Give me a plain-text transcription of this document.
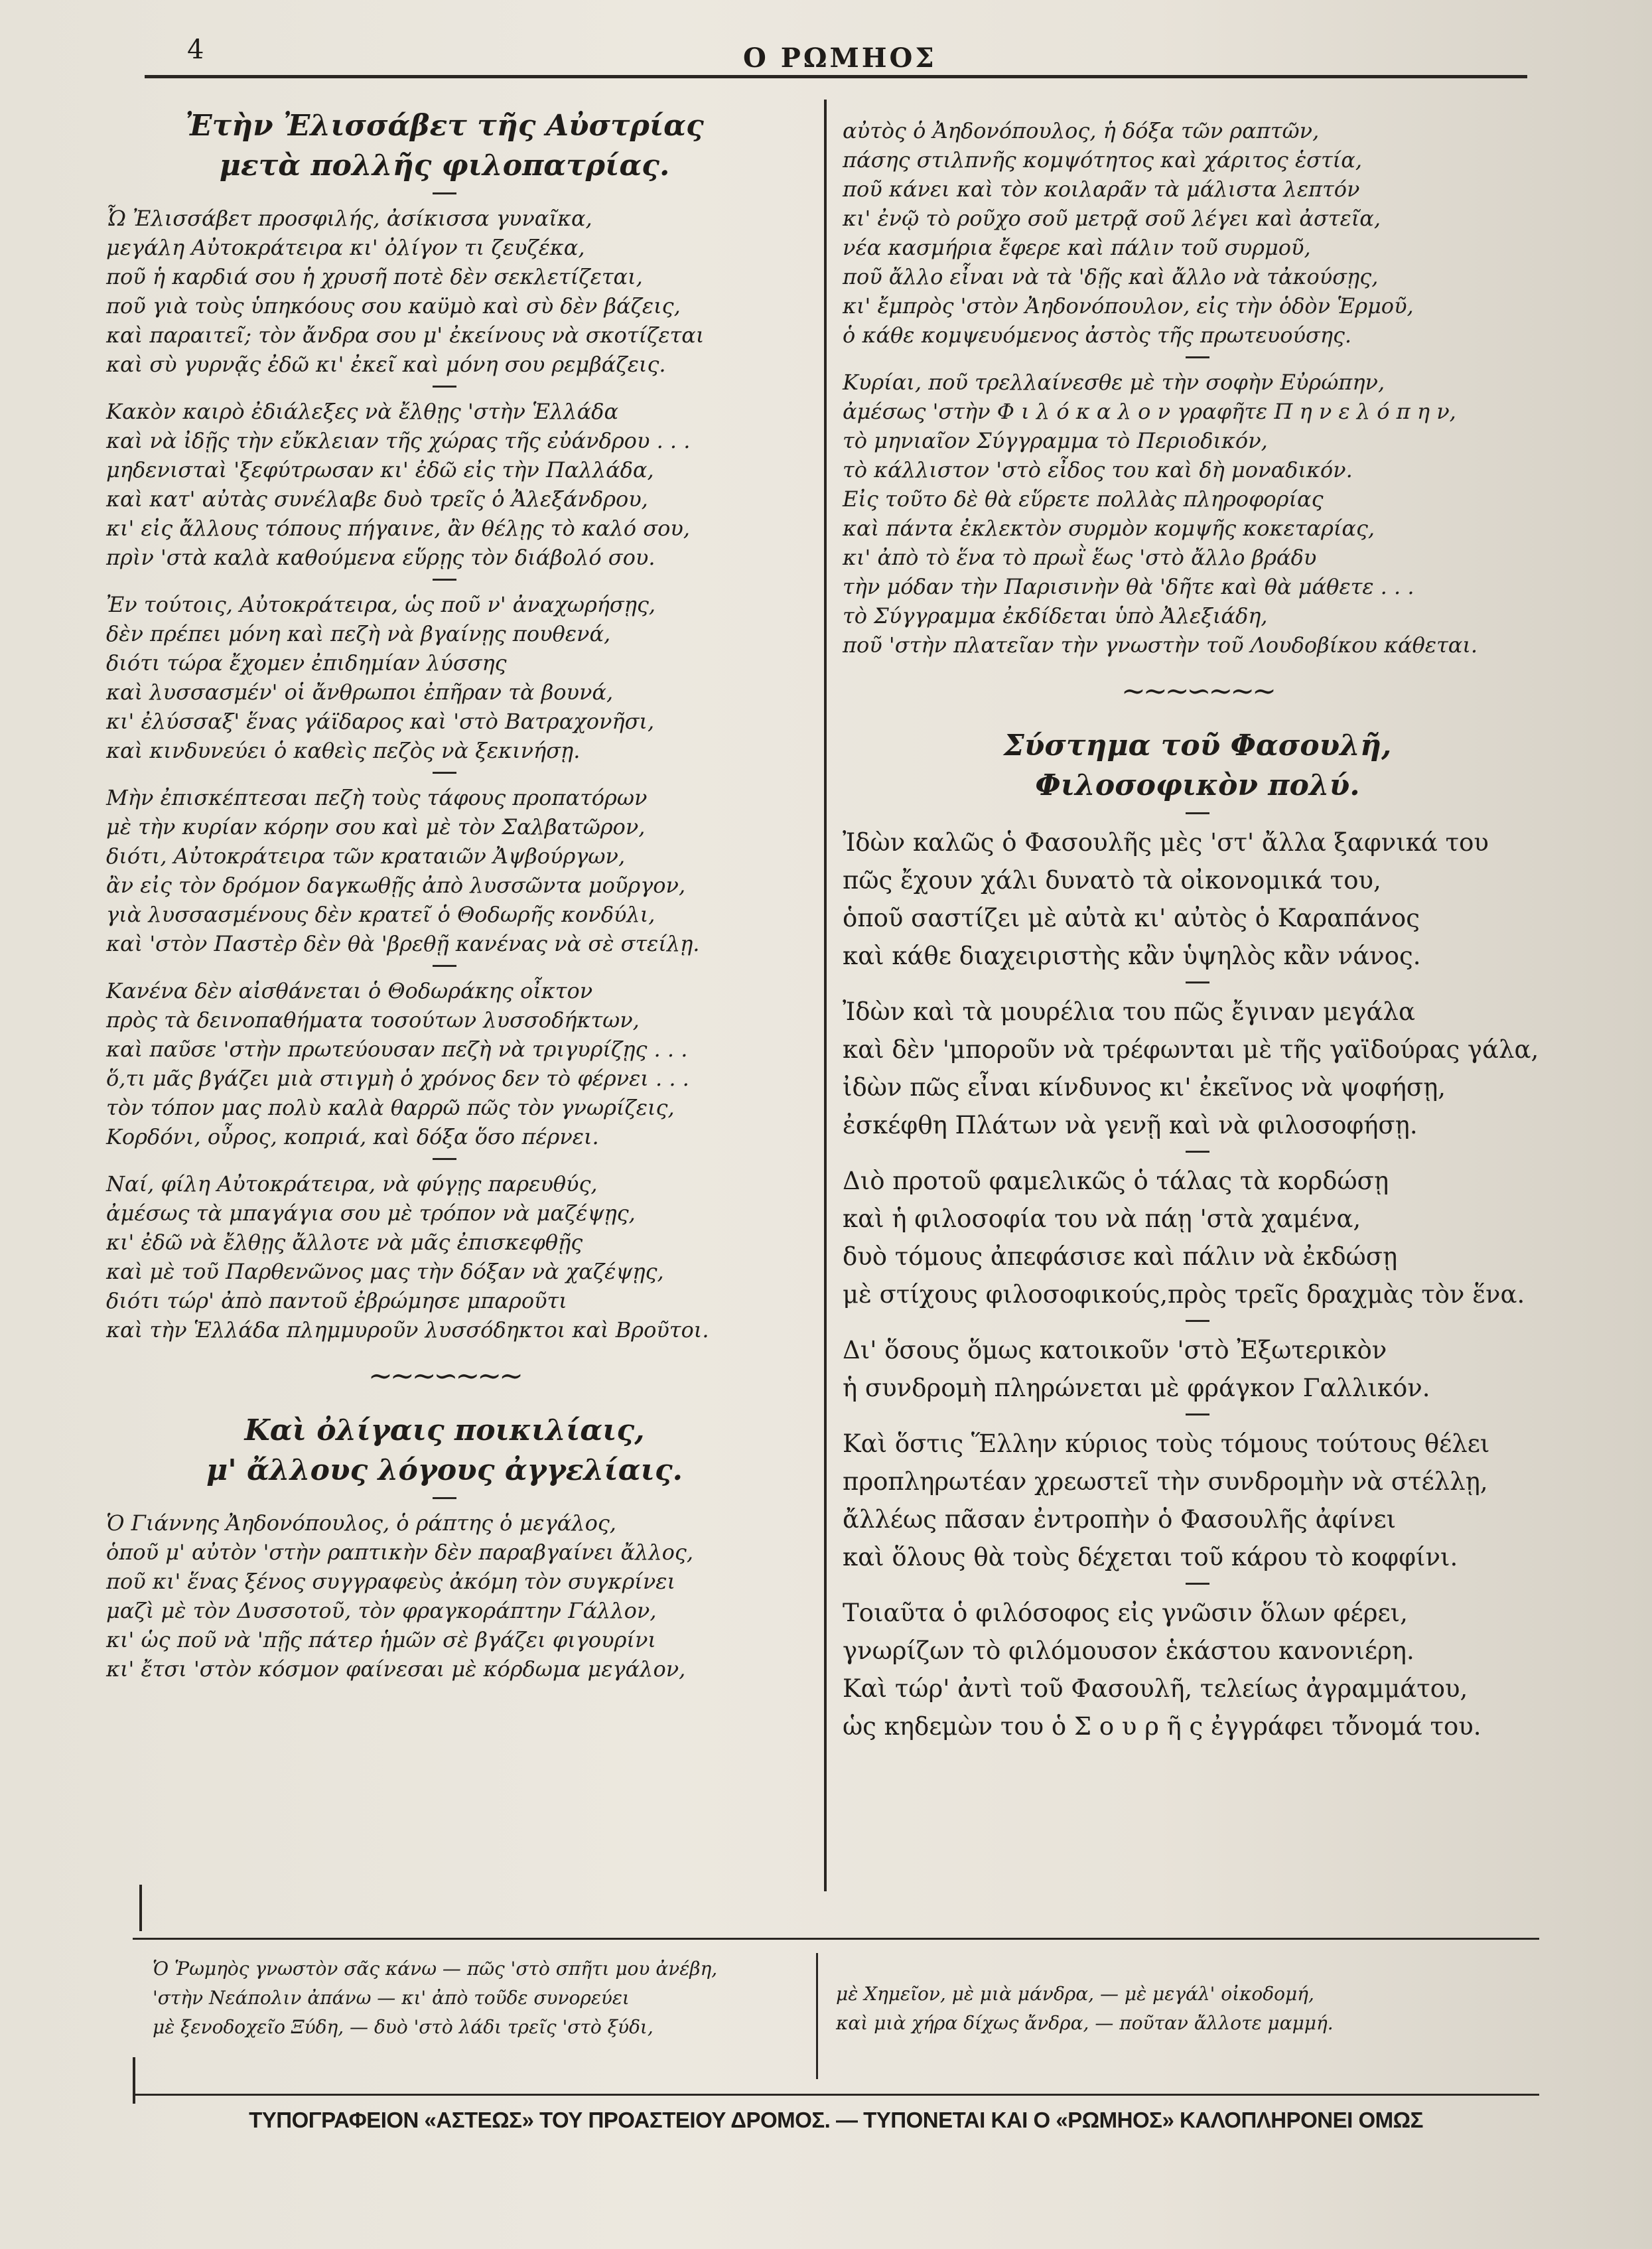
4	Ο ΡΩΜΗΟΣ
Ἐτὴν Ἐλισσάβετ τῆς Αὐστρίας
μετὰ πολλῆς φιλοπατρίας.
Ὦ Ἐλισσάβετ προσφιλής, ἀσίκισσα γυναῖκα,
μεγάλη Αὐτοκράτειρα κι' ὀλίγον τι ζευζέκα,
ποῦ ἡ καρδιά σου ἡ χρυσῆ ποτὲ δὲν σεκλετίζεται,
ποῦ γιὰ τοὺς ὑπηκόους σου καϋμὸ καὶ σὺ δὲν βάζεις,
καὶ παραιτεῖ; τὸν ἄνδρα σου μ' ἐκείνους νὰ σκοτίζεται
καὶ σὺ γυρνᾷς ἐδῶ κι' ἐκεῖ καὶ μόνη σου ρεμβάζεις.
Κακὸν καιρὸ ἐδιάλεξες νὰ ἔλθῃς 'στὴν Ἑλλάδα
καὶ νὰ ἰδῇς τὴν εὔκλειαν τῆς χώρας τῆς εὐάνδρου . . .
μηδενισταὶ 'ξεφύτρωσαν κι' ἐδῶ εἰς τὴν Παλλάδα,
καὶ κατ' αὐτὰς συνέλαβε δυὸ τρεῖς ὁ Ἀλεξάνδρου,
κι' εἰς ἄλλους τόπους πήγαινε, ἂν θέλῃς τὸ καλό σου,
πρὶν 'στὰ καλὰ καθούμενα εὕρῃς τὸν διάβολό σου.
Ἐν τούτοις, Αὐτοκράτειρα, ὡς ποῦ ν' ἀναχωρήσῃς,
δὲν πρέπει μόνη καὶ πεζὴ νὰ βγαίνῃς πουθενά,
διότι τώρα ἔχομεν ἐπιδημίαν λύσσης
καὶ λυσσασμέν' οἱ ἄνθρωποι ἐπῆραν τὰ βουνά,
κι' ἐλύσσαξ' ἕνας γάϊδαρος καὶ 'στὸ Βατραχονῆσι,
καὶ κινδυνεύει ὁ καθεὶς πεζὸς νὰ ξεκινήσῃ.
Μὴν ἐπισκέπτεσαι πεζὴ τοὺς τάφους προπατόρων
μὲ τὴν κυρίαν κόρην σου καὶ μὲ τὸν Σαλβατῶρον,
διότι, Αὐτοκράτειρα τῶν κραταιῶν Ἀψβούργων,
ἂν εἰς τὸν δρόμον δαγκωθῇς ἀπὸ λυσσῶντα μοῦργον,
γιὰ λυσσασμένους δὲν κρατεῖ ὁ Θοδωρῆς κονδύλι,
καὶ 'στὸν Παστὲρ δὲν θὰ 'βρεθῇ κανένας νὰ σὲ στείλῃ.
Κανένα δὲν αἰσθάνεται ὁ Θοδωράκης οἶκτον
πρὸς τὰ δεινοπαθήματα τοσούτων λυσσοδήκτων,
καὶ παῦσε 'στὴν πρωτεύουσαν πεζὴ νὰ τριγυρίζῃς . . .
ὅ,τι μᾶς βγάζει μιὰ στιγμὴ ὁ χρόνος δεν τὸ φέρνει . . .
τὸν τόπον μας πολὺ καλὰ θαρρῶ πῶς τὸν γνωρίζεις,
Κορδόνι, οὖρος, κοπριά, καὶ δόξα ὅσο πέρνει.
Ναί, φίλη Αὐτοκράτειρα, νὰ φύγῃς παρευθύς,
ἀμέσως τὰ μπαγάγια σου μὲ τρόπον νὰ μαζέψῃς,
κι' ἐδῶ νὰ ἔλθῃς ἄλλοτε νὰ μᾶς ἐπισκεφθῇς
καὶ μὲ τοῦ Παρθενῶνος μας τὴν δόξαν νὰ χαζέψῃς,
διότι τώρ' ἀπὸ παντοῦ ἐβρώμησε μπαροῦτι
καὶ τὴν Ἑλλάδα πλημμυροῦν λυσσόδηκτοι καὶ Βροῦτοι.
~~~∽~~~
Καὶ ὀλίγαις ποικιλίαις,
μ' ἄλλους λόγους ἀγγελίαις.
Ὁ Γιάννης Ἀηδονόπουλος, ὁ ράπτης ὁ μεγάλος,
ὁποῦ μ' αὐτὸν 'στὴν ραπτικὴν δὲν παραβγαίνει ἄλλος,
ποῦ κι' ἕνας ξένος συγγραφεὺς ἀκόμη τὸν συγκρίνει
μαζὶ μὲ τὸν Δυσσοτοῦ, τὸν φραγκοράπτην Γάλλον,
κι' ὡς ποῦ νὰ 'πῇς πάτερ ἡμῶν σὲ βγάζει φιγουρίνι
κι' ἔτσι 'στὸν κόσμον φαίνεσαι μὲ κόρδωμα μεγάλον,
αὐτὸς ὁ Ἀηδονόπουλος, ἡ δόξα τῶν ραπτῶν,
πάσης στιλπνῆς κομψότητος καὶ χάριτος ἑστία,
ποῦ κάνει καὶ τὸν κοιλαρᾶν τὰ μάλιστα λεπτόν
κι' ἐνῷ τὸ ροῦχο σοῦ μετρᾷ σοῦ λέγει καὶ ἀστεῖα,
νέα κασμήρια ἔφερε καὶ πάλιν τοῦ συρμοῦ,
ποῦ ἄλλο εἶναι νὰ τὰ 'δῇς καὶ ἄλλο νὰ τἀκούσῃς,
κι' ἔμπρὸς 'στὸν Ἀηδονόπουλον, εἰς τὴν ὁδὸν Ἑρμοῦ,
ὁ κάθε κομψευόμενος ἀστὸς τῆς πρωτευούσης.
Κυρίαι, ποῦ τρελλαίνεσθε μὲ τὴν σοφὴν Εὐρώπην,
ἀμέσως 'στὴν Φ ι λ ό κ α λ ο ν γραφῆτε Π η ν ε λ ό π η ν,
τὸ μηνιαῖον Σύγγραμμα τὸ Περιοδικόν,
τὸ κάλλιστον 'στὸ εἶδος του καὶ δὴ μοναδικόν.
Εἰς τοῦτο δὲ θὰ εὕρετε πολλὰς πληροφορίας
καὶ πάντα ἐκλεκτὸν συρμὸν κομψῆς κοκεταρίας,
κι' ἀπὸ τὸ ἕνα τὸ πρωῒ ἕως 'στὸ ἄλλο βράδυ
τὴν μόδαν τὴν Παρισινὴν θὰ 'δῆτε καὶ θὰ μάθετε . . .
τὸ Σύγγραμμα ἐκδίδεται ὑπὸ Ἀλεξιάδη,
ποῦ 'στὴν πλατεῖαν τὴν γνωστὴν τοῦ Λουδοβίκου κάθεται.
~~~∽~~~
Σύστημα τοῦ Φασουλῆ,
Φιλοσοφικὸν πολύ.
Ἰδὼν καλῶς ὁ Φασουλῆς μὲς 'στ' ἄλλα ξαφνικά του
πῶς ἔχουν χάλι δυνατὸ τὰ οἰκονομικά του,
ὁποῦ σαστίζει μὲ αὐτὰ κι' αὐτὸς ὁ Καραπάνος
καὶ κάθε διαχειριστὴς κἂν ὑψηλὸς κἂν νάνος.
Ἰδὼν καὶ τὰ μουρέλια του πῶς ἔγιναν μεγάλα
καὶ δὲν 'μποροῦν νὰ τρέφωνται μὲ τῆς γαϊδούρας γάλα,
ἰδὼν πῶς εἶναι κίνδυνος κι' ἐκεῖνος νὰ ψοφήσῃ,
ἐσκέφθη Πλάτων νὰ γενῇ καὶ νὰ φιλοσοφήσῃ.
Διὸ προτοῦ φαμελικῶς ὁ τάλας τὰ κορδώσῃ
καὶ ἡ φιλοσοφία του νὰ πάῃ 'στὰ χαμένα,
δυὸ τόμους ἀπεφάσισε καὶ πάλιν νὰ ἐκδώσῃ
μὲ στίχους φιλοσοφικούς,πρὸς τρεῖς δραχμὰς τὸν ἕνα.
Δι' ὅσους ὅμως κατοικοῦν 'στὸ Ἐξωτερικὸν
ἡ συνδρομὴ πληρώνεται μὲ φράγκον Γαλλικόν.
Καὶ ὅστις Ἕλλην κύριος τοὺς τόμους τούτους θέλει
προπληρωτέαν χρεωστεῖ τὴν συνδρομὴν νὰ στέλλῃ,
ἄλλέως πᾶσαν ἐντροπὴν ὁ Φασουλῆς ἀφίνει
καὶ ὅλους θὰ τοὺς δέχεται τοῦ κάρου τὸ κοφφίνι.
Τοιαῦτα ὁ φιλόσοφος εἰς γνῶσιν ὅλων φέρει,
γνωρίζων τὸ φιλόμουσον ἑκάστου κανονιέρη.
Καὶ τώρ' ἀντὶ τοῦ Φασουλῆ, τελείως ἀγραμμάτου,
ὡς κηδεμὼν του ὁ Σ ο υ ρ ῆ ς ἐγγράφει τὄνομά του.
Ὁ Ῥωμηὸς γνωστὸν σᾶς κάνω — πῶς 'στὸ σπῆτι μου ἀνέβη,
'στὴν Νεάπολιν ἀπάνω — κι' ἀπὸ τοῦδε συνορεύει
μὲ ξενοδοχεῖο Ξύδη, — δυὸ 'στὸ λάδι τρεῖς 'στὸ ξύδι,
μὲ Χημεῖον, μὲ μιὰ μάνδρα, — μὲ μεγάλ' οἰκοδομή,
καὶ μιὰ χήρα δίχως ἄνδρα, — ποῦταν ἄλλοτε μαμμή.
ΤΥΠΟΓΡΑΦΕΙΟΝ «ΑΣΤΕΩΣ» ΤΟΥ ΠΡΟΑΣΤΕΙΟΥ ΔΡΟΜΟΣ. — ΤΥΠΟΝΕΤΑΙ ΚΑΙ Ο «ΡΩΜΗΟΣ» ΚΑΛΟΠΛΗΡΟΝΕΙ ΟΜΩΣ
